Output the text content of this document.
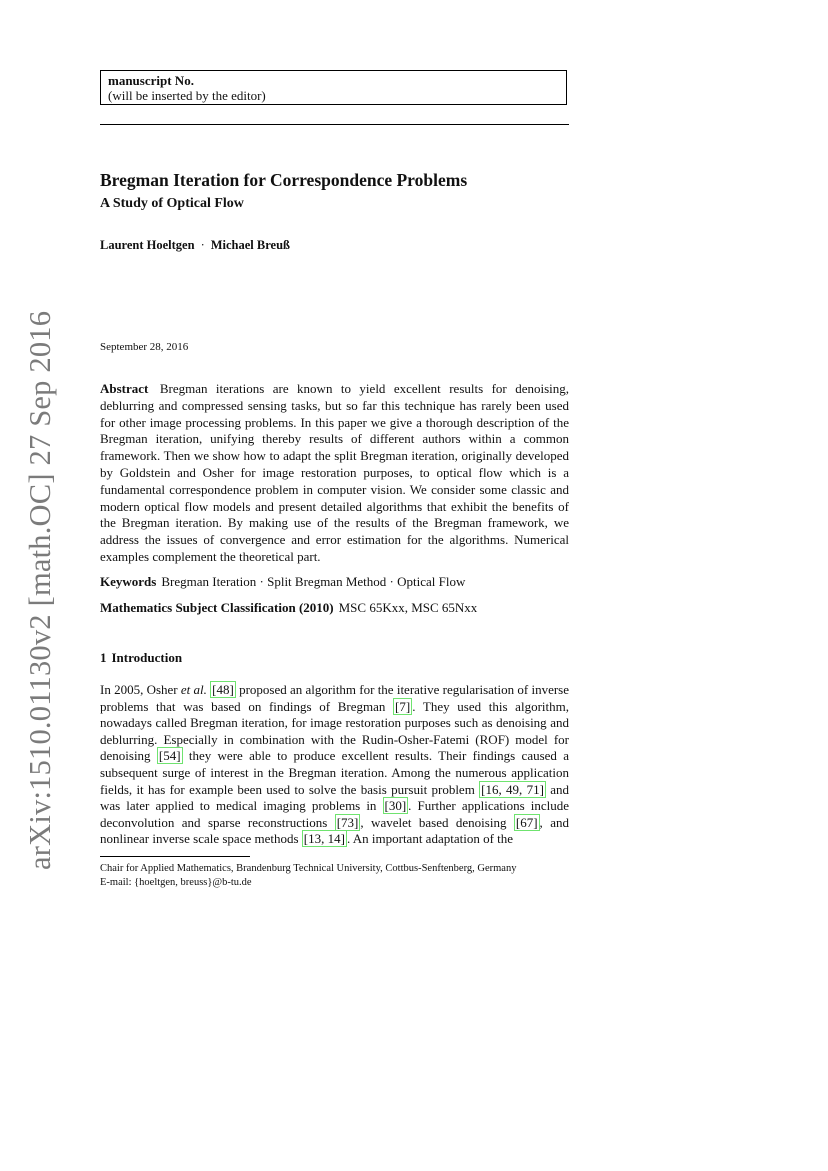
arXiv:1510.01130v2 [math.OC] 27 Sep 2016
manuscript No.
(will be inserted by the editor)
Bregman Iteration for Correspondence Problems
A Study of Optical Flow
Laurent Hoeltgen · Michael Breuß
September 28, 2016
Abstract Bregman iterations are known to yield excellent results for denoising, deblurring and compressed sensing tasks, but so far this technique has rarely been used for other image processing problems. In this paper we give a thorough description of the Bregman iteration, unifying thereby results of different authors within a common framework. Then we show how to adapt the split Bregman iteration, originally developed by Goldstein and Osher for image restoration purposes, to optical flow which is a fundamental correspondence problem in computer vision. We consider some classic and modern optical flow models and present detailed algorithms that exhibit the benefits of the Bregman iteration. By making use of the results of the Bregman framework, we address the issues of convergence and error estimation for the algorithms. Numerical examples complement the theoretical part.
Keywords Bregman Iteration · Split Bregman Method · Optical Flow
Mathematics Subject Classification (2010) MSC 65Kxx, MSC 65Nxx
1 Introduction
In 2005, Osher et al. [48] proposed an algorithm for the iterative regularisation of inverse problems that was based on findings of Bregman [7] . They used this algorithm, nowadays called Bregman iteration, for image restoration purposes such as denoising and deblurring. Especially in combination with the Rudin-Osher-Fatemi (ROF) model for denoising [54] they were able to produce excellent results. Their findings caused a subsequent surge of interest in the Bregman iteration. Among the numerous application fields, it has for example been used to solve the basis pursuit problem [16, 49, 71] and was later applied to medical imaging problems in [30] . Further applications include deconvolution and sparse reconstructions [73] , wavelet based denoising [67] , and nonlinear inverse scale space methods [13, 14] . An important adaptation of the
Chair for Applied Mathematics, Brandenburg Technical University, Cottbus-Senftenberg, Germany
E-mail: {hoeltgen, breuss}@b-tu.de
